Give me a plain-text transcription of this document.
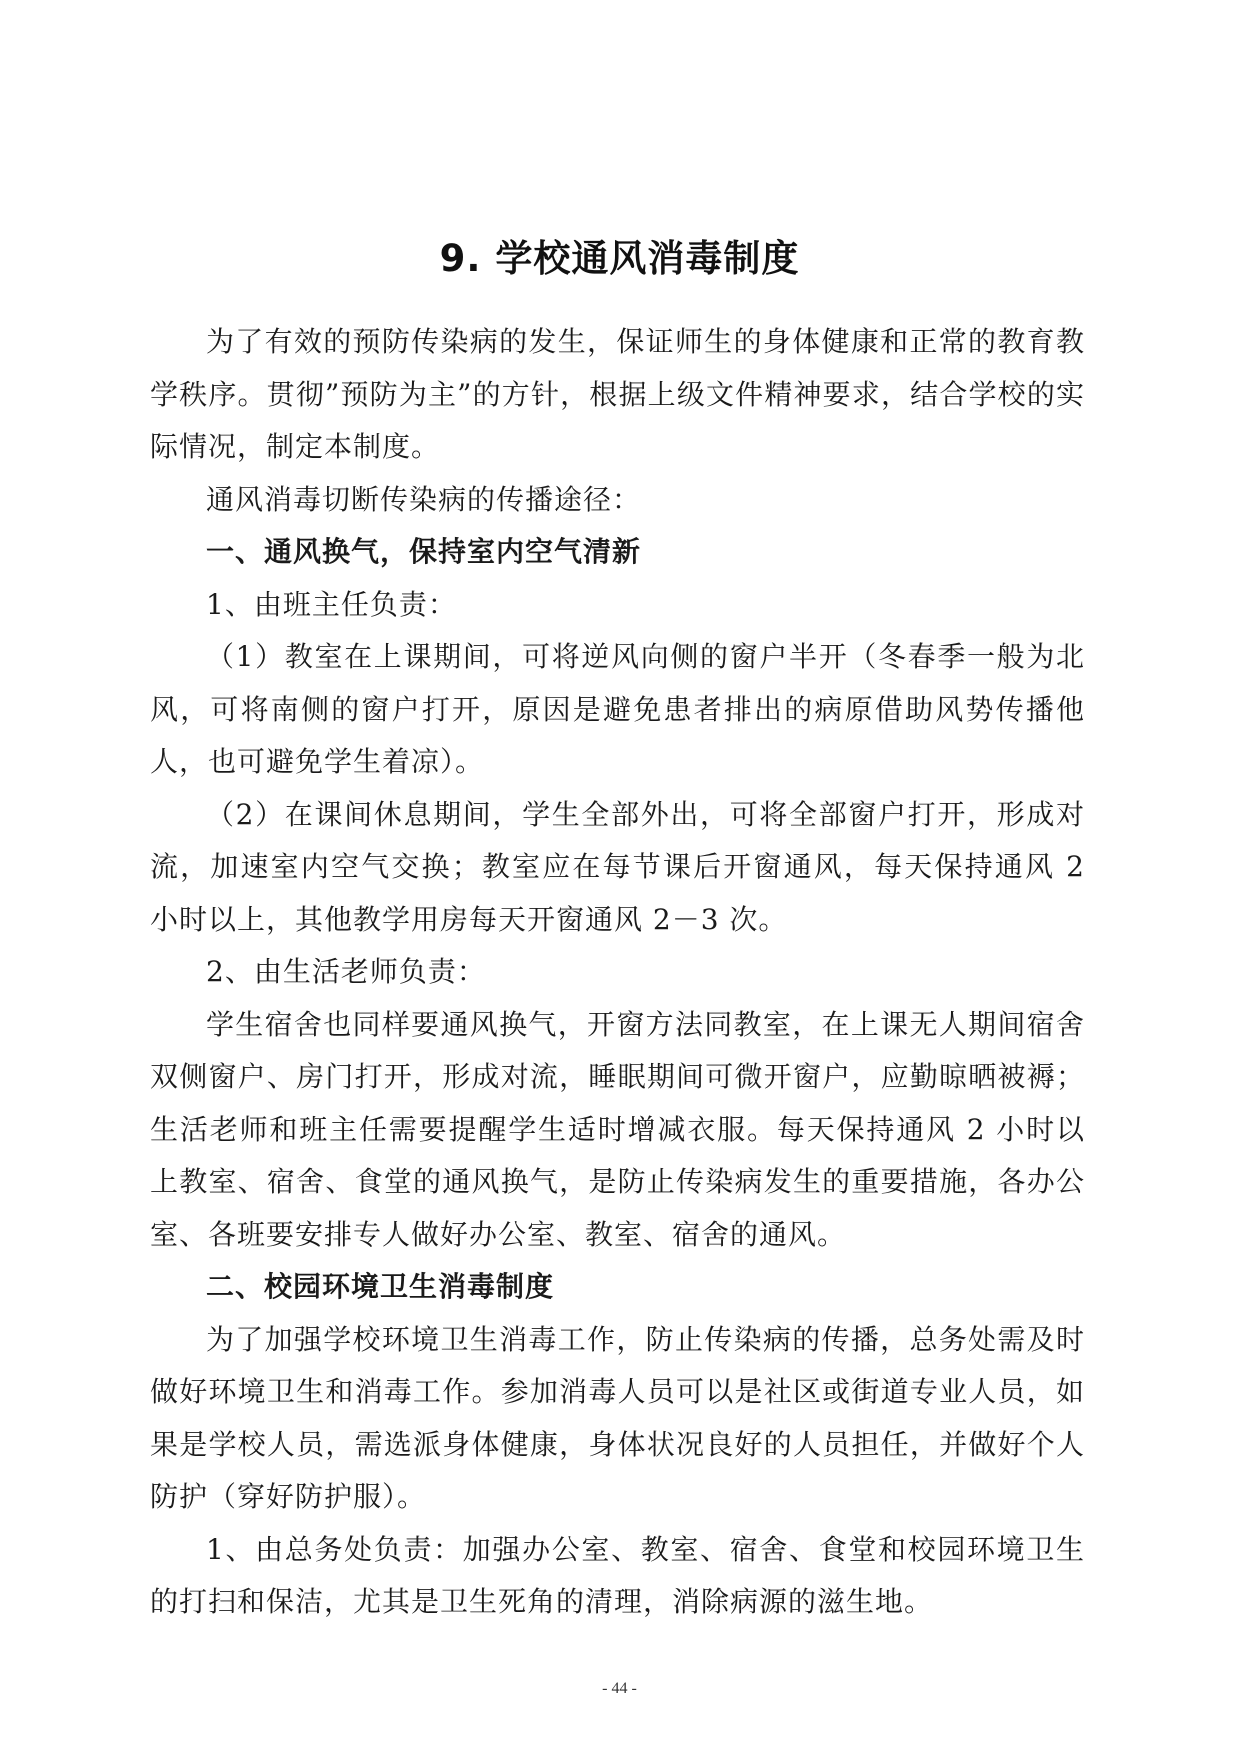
9. 学校通风消毒制度

为了有效的预防传染病的发生，保证师生的身体健康和正常的教育教学秩序。贯彻”预防为主”的方针，根据上级文件精神要求，结合学校的实际情况，制定本制度。

通风消毒切断传染病的传播途径：

一、通风换气，保持室内空气清新

1、由班主任负责：

（1）教室在上课期间，可将逆风向侧的窗户半开（冬春季一般为北风，可将南侧的窗户打开，原因是避免患者排出的病原借助风势传播他人，也可避免学生着凉）。

（2）在课间休息期间，学生全部外出，可将全部窗户打开，形成对流，加速室内空气交换；教室应在每节课后开窗通风，每天保持通风 2 小时以上，其他教学用房每天开窗通风 2－3 次。

2、由生活老师负责：

学生宿舍也同样要通风换气，开窗方法同教室，在上课无人期间宿舍双侧窗户、房门打开，形成对流，睡眠期间可微开窗户，应勤晾晒被褥；生活老师和班主任需要提醒学生适时增减衣服。每天保持通风 2 小时以上教室、宿舍、食堂的通风换气，是防止传染病发生的重要措施，各办公室、各班要安排专人做好办公室、教室、宿舍的通风。

二、校园环境卫生消毒制度

为了加强学校环境卫生消毒工作，防止传染病的传播，总务处需及时做好环境卫生和消毒工作。参加消毒人员可以是社区或街道专业人员，如果是学校人员，需选派身体健康，身体状况良好的人员担任，并做好个人防护（穿好防护服）。

1、由总务处负责：加强办公室、教室、宿舍、食堂和校园环境卫生的打扫和保洁，尤其是卫生死角的清理，消除病源的滋生地。

- 44 -
